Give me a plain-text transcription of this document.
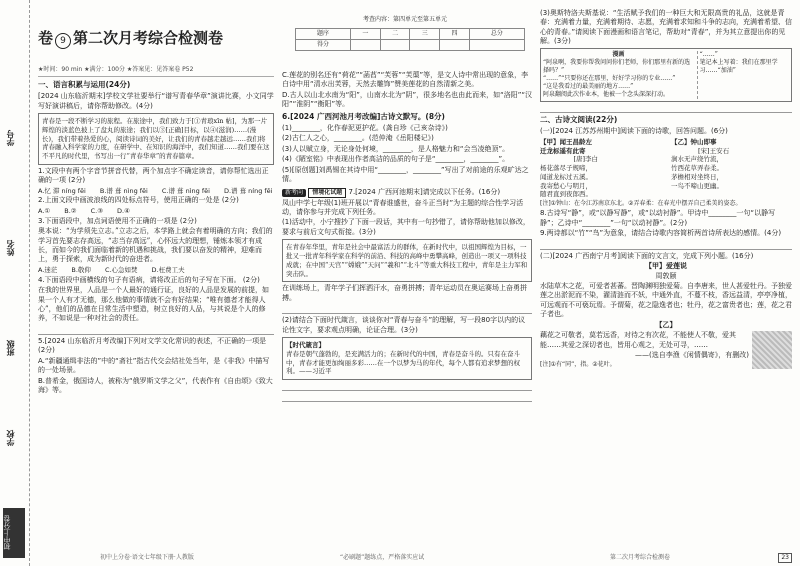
学号
姓名
班级
学校
初中上分卷
卷 9 第二次月考综合检测卷
考查内容：第四单元至第五单元
题序	一	二	三	四	总分
得分					
★时间：90 min ★满分：100分 ★答案见：见答案卷 P52
一、语言积累与运用(24分)

[2024 山东临沂期末]学校文学社要举行“谱写青春华章”演讲比赛，小文同学写好演讲稿后，请你帮助修改。(4分)

青春是一段不断学习的旅程。在旅途中，我们致力于[①青琅xīn 帖]，为那一片辉煌的淡蓝色披上了盘丸的旅途；我们以③[正确]目标，以④(滋润)……(漫长)，我们带着热爱的心，阅读诗词的美好，让我们的青春越走越远……我们将青春融入科学家的力度，在研学中、在知识的海洋中，我们知道……我们要在这不平凡的时代里，书写出一行“青春华章”的青春篇章。

1.文段中有两个字音节拼音代替，两个加点字不确定读音，请你帮忙选出正确的一项 (2分)

A.忆 滞 níng fēi B.谱 葺 nìng fēi C.谱 葺 nìng fēi D.谱 葺 níng fēi

2.上面文段中画波浪线的四处标点符号，使用正确的一处是 (2分)

A.① B.② C.③ D.④

3.下面语段中，加点词语使用不正确的一项是 (2分)

奥本说：“为学须先立志。”立志之后，本学路上就会有着明确的方向；我们的学习首先要志存高远，“志当存高远”，心怀远大的理想，锤炼本领才有成长，而如今的我们面临着新的机遇和挑战，我们要以奋发的精神，迎难而上，勇于探索，成为新时代的奋进者。

A.迷茫 B.敬仰 C.心急如焚 D.枉费工夫

4.下面语段中画横线的句子有语病，请将改正后的句子写在下面。 (2分)

在我的世界里，人品是一个人最好的通行证，良好的人品是发展的前提，如果一个人有才无德，那么他做的事情就不会有好结果；“唯有德者才能得人心”，他们的品德在日常生活中塑造，树立良好的人品，与其说是个人的修养，不如说是一种对社会的责任。

5.[2024 山东临沂月考改编]下列对文学文化常识的表述，不正确的一项是 (2分)

A.“新疆通缉非法的”中的“斋社”指古代交会结社处当年，是《非我》中描写的一处场景。

B.普希金，俄国诗人，被称为“俄罗斯文学之父”，代表作有《自由颂》《致大海》等。

初中上分卷·语文七年级下册·人教版

C.莲花的别名还有“荷花”“菡萏”“芙蓉”“芙蕖”等，是文人诗中常出现的意象，李白诗中用“清水出芙蓉，天然去雕饰”赞美莲花的自然清新之美。

D.古人以山北水南为“阳”，山南水北为“阴”，很多地名也由此而来，如“洛阳”“汉阳”“淮阴”“衡阳”等。

6.[2024 广西河池月考改编]古诗文默写。(8分)

(1)________，化作春泥更护花。(龚自珍《己亥杂诗》)

(2)古仁人之心，________。(范仲淹《岳阳楼记》)

(3)人以赋立身，无论身处何境，________，是人格魅力和“会当凌绝顶”。

(4)《陋室铭》中表现出作者高洁的品质的句子是“________，________”。

(5)[原创题]刘禹锡在其诗中用“________，________”写出了对前途的乐观旷达之情。

新考向 情境化试题 7.[2024 广西河池期末]请完成以下任务。(16分)

凤山中学七年级(1)班开展以“青春谁盛世，奋斗正当时”为主题的综合性学习活动，请你参与并完成下列任务。

(1)活动中，小宁搜抄了下面一段话，其中有一句抄错了，请你帮助他加以修改，要求与前后文句式衔接。(3分)

在青春年华里，青年是社会中最富活力的群体，在新时代中，以祖国辉煌为目标，一批又一批青年科学家在科学的前沿、科技的高峰中勇攀高峰，创造出一项又一项科技成就；在中国“天宫”“嫦娥”“天问”“羲和”“北斗”等重大科技工程中，青年是主力军和突击队。

在训练场上，青年学子们挥洒汗水，奋勇拼搏；青年运动员在奥运赛场上奋勇拼搏。

(2)请结合下面时代箴言，谈谈你对“青春与奋斗”的理解，写一段80字以内的议论性文字，要求观点明确，论证合理。(3分)

【时代箴言】
青春是朝气蓬勃的，是充满活力的；在新时代的中国，青春是奋斗的。只有在奋斗中，青春才能更加绚丽多彩……在一个以梦为马的年代，每个人都有追求梦想的权利。——习近平
“必刷题”题练点，严格落实应试

(3)奥斯特洛夫斯基说：“生活赋予我们的一种巨大和无限高贵的礼品，这就是青春：充满着力量，充满着期待、志愿，充满着求知和斗争的志向，充满着希望、信心的青春。”请阅读下面漫画和语言笔记，帮助对“青春”，并为其立意提出你的见解。(3分)

漫画
“阿泉啊，我要你帮我问问你们老师，你们那里有新的选择吗？”
“……”“只要你还在那里，好好学习你的专业……”
“这是我看过的最美丽的地方……”
阿泉翻阅此次作业本，他被一个念头深深打动。
“……”
笔记本上写着：我们在那里学习……“加油”
二、古诗文阅读(22分)

(一)[2024 江苏苏州期中]阅读下面的诗歌，回答问题。(6分)

【甲】闻王昌龄左迁龙标遥有此寄
[唐]李白
杨花落尽子规啼，闻道龙标过五溪。我寄愁心与明月，随君直到夜郎西。
【乙】钟山即事
[宋]王安石
涧水无声绕竹流，竹西花草弄春柔。茅檐相对坐终日，一鸟不啼山更幽。

[注]①钟山：在今江苏南京东北。②弄春柔：在春光中摆弄自己柔美的姿态。

8.古诗写“静”，或“以静写静”，或“以动衬静”。甲诗中________一句“以静写静”；乙诗中“________”一句“以动衬静”。(2分)

9.两诗都以“竹”“鸟”为意象，请结合诗歌内容简析两首诗所表达的感情。(4分)

(二)[2024 广西南宁月考]阅读下面的文言文，完成下列小题。(16分)

【甲】爱莲说
周敦颐

水陆草木之花，可爱者甚蕃。晋陶渊明独爱菊。自李唐来，世人甚爱牡丹。予独爱莲之出淤泥而不染，濯清涟而不妖，中通外直，不蔓不枝，香远益清，亭亭净植，可远观而不可亵玩焉。予谓菊，花之隐逸者也；牡丹，花之富贵者也；莲，花之君子者也。

【乙】

藕花之可敬者，莫若远香，对待之有次花，不能使人不敬，爱其能……其爱之深切者也，皆用心观之，无处可寻，……

——(选自李渔《闲情偶寄》，有删改)

[注]①有“同”，指。②花叶。

第二次月考综合检测卷	23
